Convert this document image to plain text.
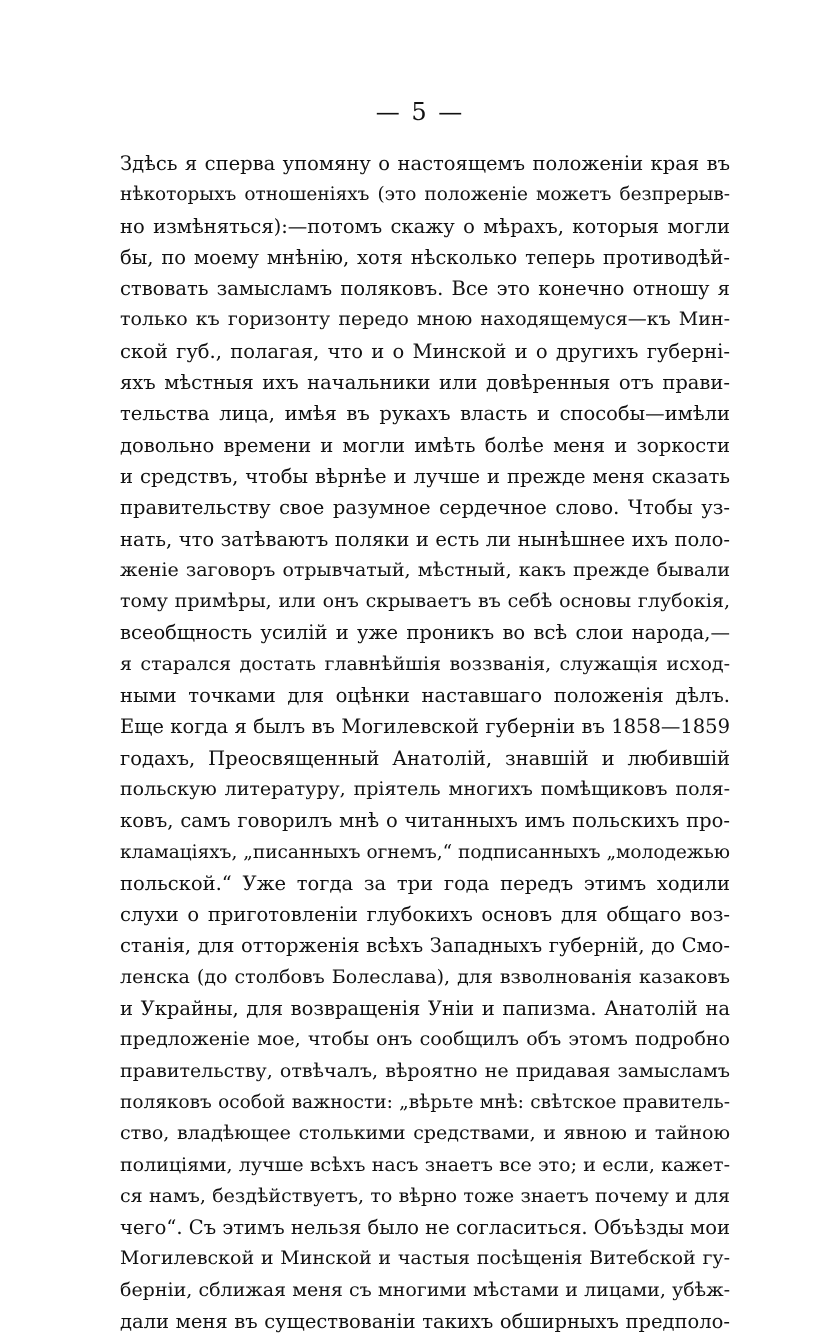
— 5 —
Здѣсь я сперва упомяну о настоящемъ положенiи края въ
нѣкоторыхъ отношенiяхъ (это положенiе можетъ безпрерыв-
но измѣняться):—потомъ скажу о мѣрахъ, которыя могли
бы, по моему мнѣнiю, хотя нѣсколько теперь противодѣй-
ствовать замысламъ поляковъ. Все это конечно отношу я
только къ горизонту передо мною находящемуся—къ Мин-
ской губ., полагая, что и о Минской и о другихъ губернi-
яхъ мѣстныя ихъ начальники или довѣренныя отъ прави-
тельства лица, имѣя въ рукахъ власть и способы—имѣли
довольно времени и могли имѣть болѣе меня и зоркости
и средствъ, чтобы вѣрнѣе и лучше и прежде меня сказать
правительству свое разумное сердечное слово. Чтобы уз-
нать, что затѣваютъ поляки и есть ли нынѣшнее ихъ поло-
женiе заговоръ отрывчатый, мѣстный, какъ прежде бывали
тому примѣры, или онъ скрываетъ въ себѣ основы глубокiя,
всеобщность усилiй и уже проникъ во всѣ слои народа,—
я старался достать главнѣйшiя воззванiя, служащiя исход-
ными точками для оцѣнки наставшаго положенiя дѣлъ.
Еще когда я былъ въ Могилевской губернiи въ 1858—1859
годахъ, Преосвященный Анатолiй, знавшiй и любившiй
польскую литературу, прiятель многихъ помѣщиковъ поля-
ковъ, самъ говорилъ мнѣ о читанныхъ имъ польскихъ про-
кламацiяхъ, „писанныхъ огнемъ,“ подписанныхъ „молодежью
польской.“ Уже тогда за три года передъ этимъ ходили
слухи о приготовленiи глубокихъ основъ для общаго воз-
станiя, для отторженiя всѣхъ Западныхъ губернiй, до Смо-
ленска (до столбовъ Болеслава), для взволнованiя казаковъ
и Украйны, для возвращенiя Унiи и папизма. Анатолiй на
предложенiе мое, чтобы онъ сообщилъ объ этомъ подробно
правительству, отвѣчалъ, вѣроятно не придавая замысламъ
поляковъ особой важности: „вѣрьте мнѣ: свѣтское правитель-
ство, владѣющее столькими средствами, и явною и тайною
полицiями, лучше всѣхъ насъ знаетъ все это; и если, кажет-
ся намъ, бездѣйствуетъ, то вѣрно тоже знаетъ почему и для
чего“. Съ этимъ нельзя было не согласиться. Объѣзды мои
Могилевской и Минской и частыя посѣщенiя Витебской гу-
бернiи, сближая меня съ многими мѣстами и лицами, убѣж-
дали меня въ существованiи такихъ обширныхъ предполо-
